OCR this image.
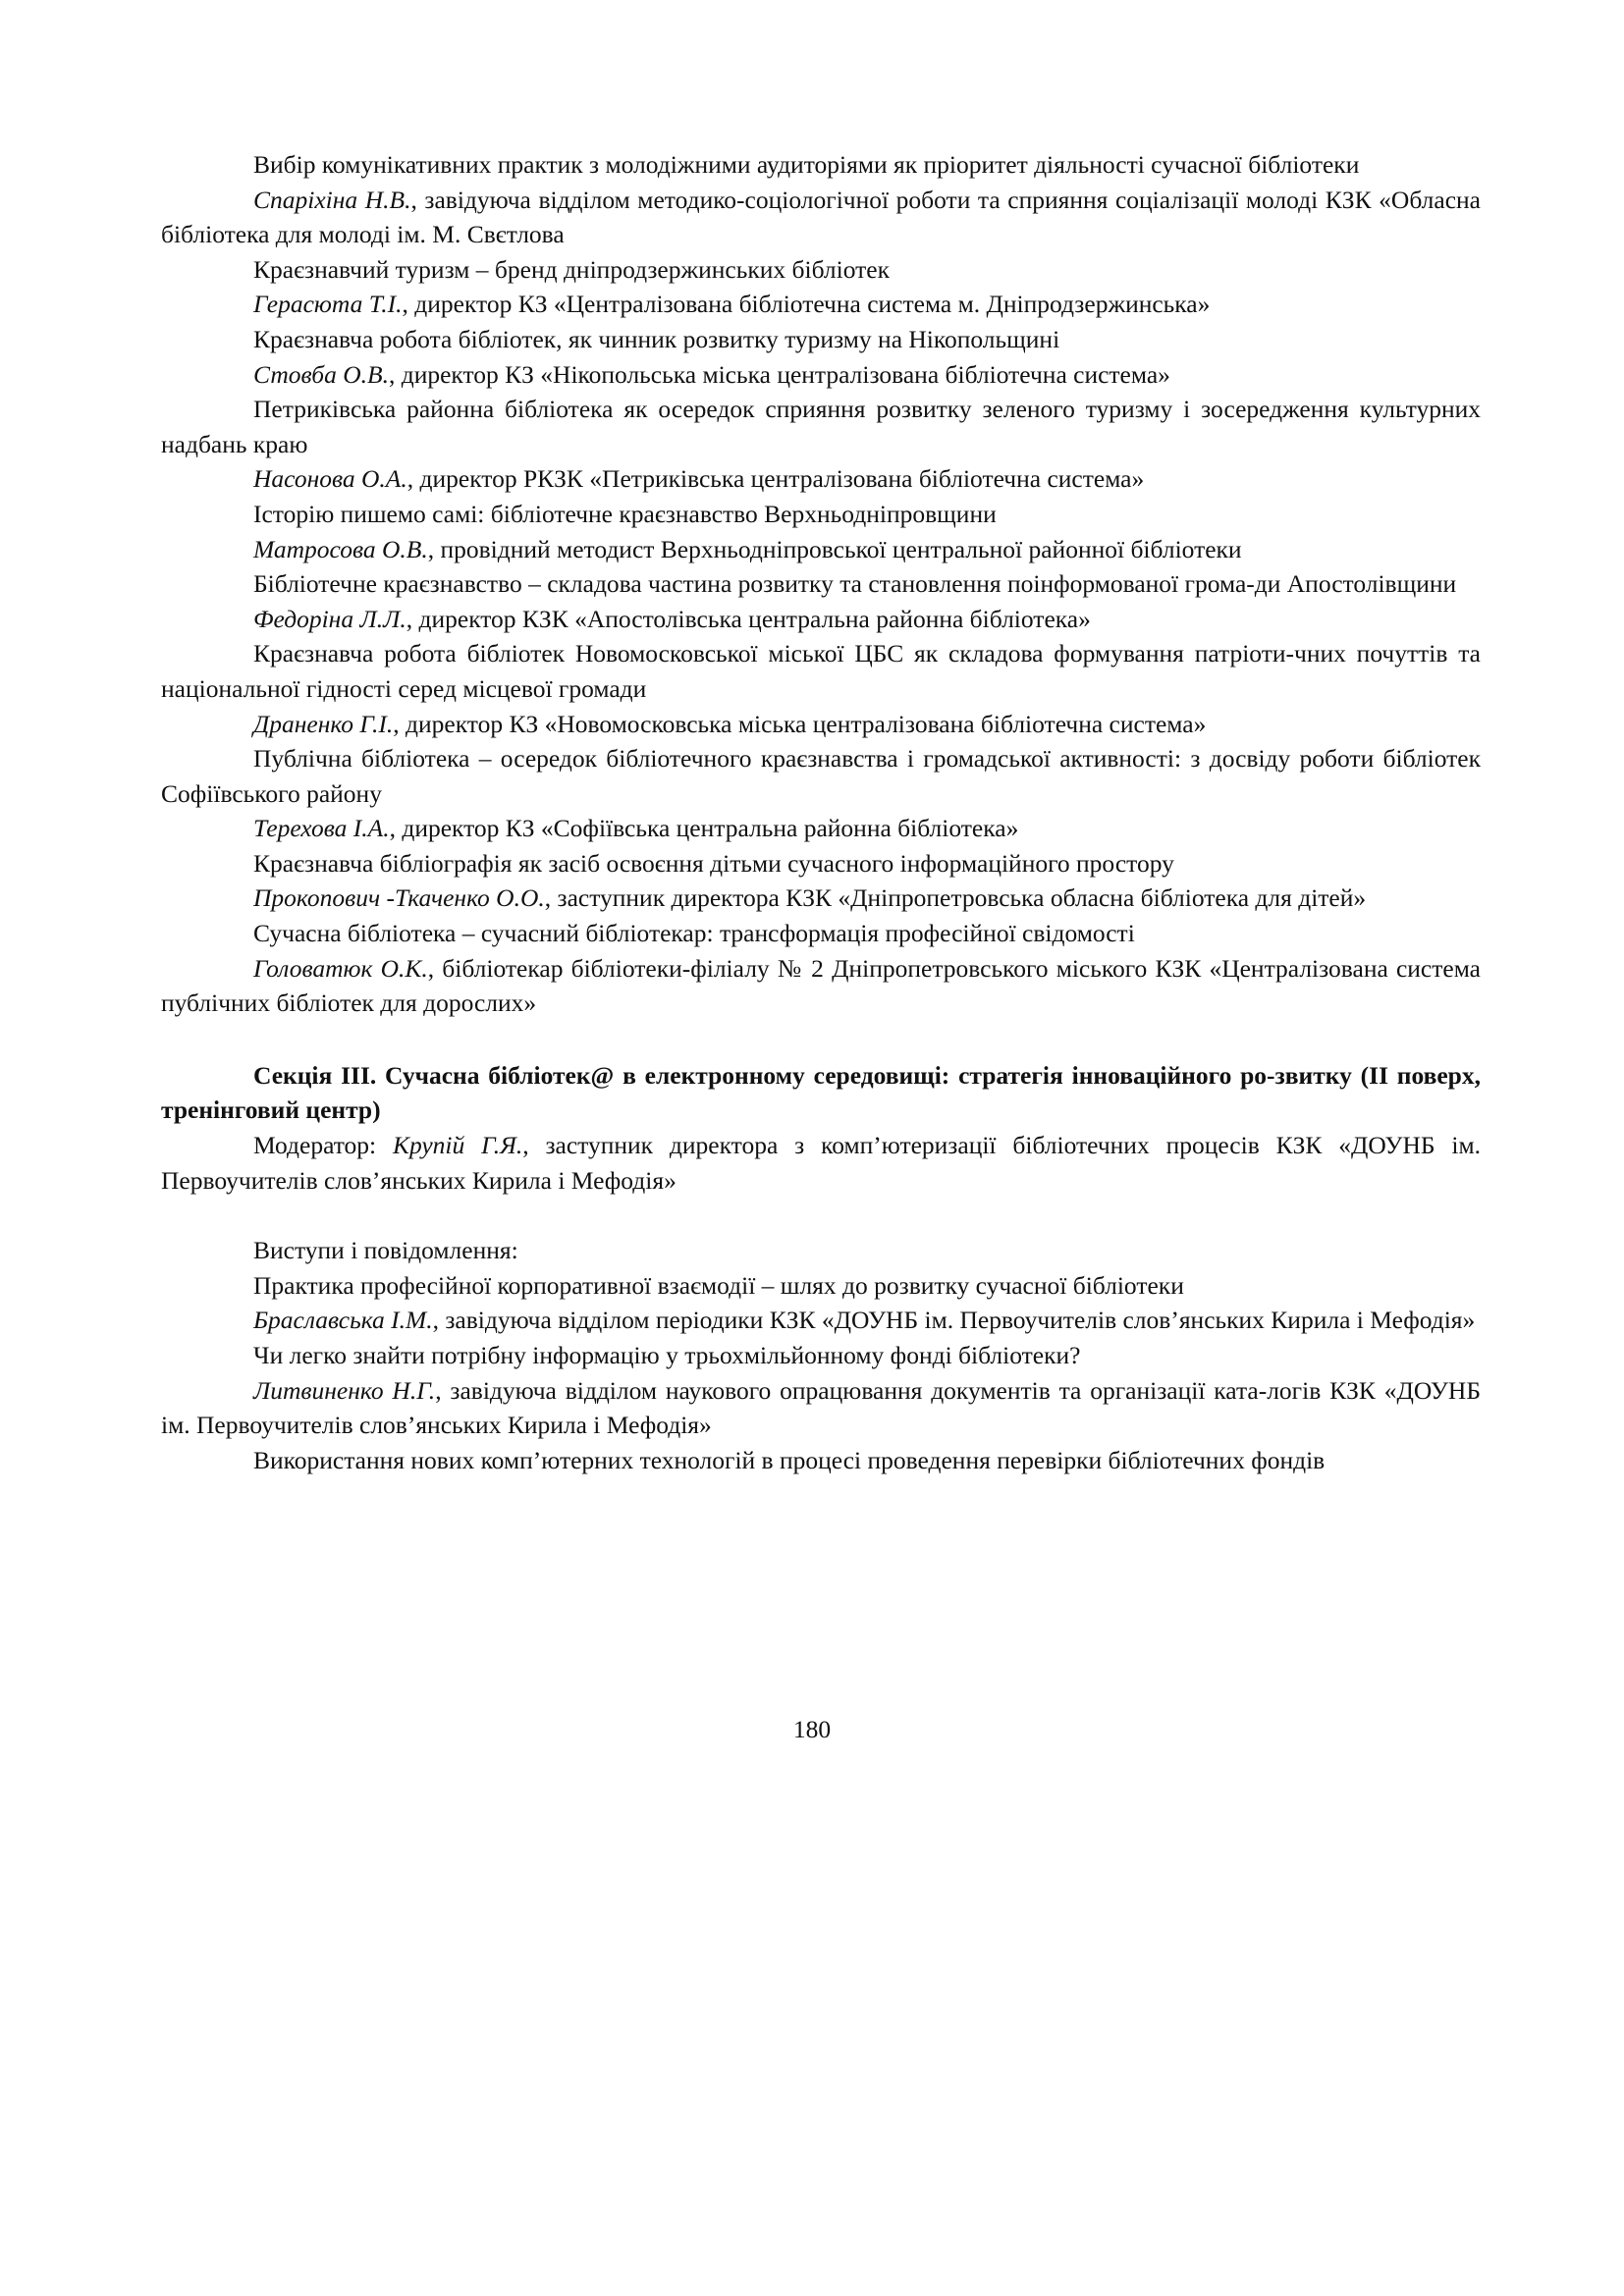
Вибір комунікативних практик з молодіжними аудиторіями як пріоритет діяльності сучасної бібліотеки

Спаріхіна Н.В., завідуюча відділом методико-соціологічної роботи та сприяння соціалізації молоді КЗК «Обласна бібліотека для молоді ім. М. Свєтлова

Краєзнавчий туризм – бренд дніпродзержинських бібліотек

Герасюта Т.І., директор КЗ «Централізована бібліотечна система м. Дніпродзержинська»

Краєзнавча робота бібліотек, як чинник розвитку туризму на Нікопольщині

Стовба О.В., директор КЗ «Нікопольська міська централізована бібліотечна система»

Петриківська районна бібліотека як осередок сприяння розвитку зеленого туризму і зосередження культурних надбань краю

Насонова О.А., директор РКЗК «Петриківська централізована бібліотечна система»

Історію пишемо самі: бібліотечне краєзнавство Верхньодніпровщини

Матросова О.В., провідний методист Верхньодніпровської центральної районної бібліотеки

Бібліотечне краєзнавство – складова частина розвитку та становлення поінформованої грома-ди Апостолівщини

Федоріна Л.Л., директор КЗК «Апостолівська центральна районна бібліотека»

Краєзнавча робота бібліотек Новомосковської міської ЦБС як складова формування патріоти-чних почуттів та національної гідності серед місцевої громади

Драненко Г.І., директор КЗ «Новомосковська міська централізована бібліотечна система»

Публічна бібліотека – осередок бібліотечного краєзнавства і громадської активності: з досвіду роботи бібліотек Софіївського району

Терехова І.А., директор КЗ «Софіївська центральна районна бібліотека»

Краєзнавча бібліографія як засіб освоєння дітьми сучасного інформаційного простору

Прокопович -Ткаченко О.О., заступник директора КЗК «Дніпропетровська обласна бібліотека для дітей»

Сучасна бібліотека – сучасний бібліотекар: трансформація професійної свідомості

Головатюк О.К., бібліотекар бібліотеки-філіалу № 2 Дніпропетровського міського КЗК «Централізована система публічних бібліотек для дорослих»

Секція ІІІ. Сучасна бібліотек@ в електронному середовищі: стратегія інноваційного ро-звитку (ІІ поверх, тренінговий центр)

Модератор: Крупій Г.Я., заступник директора з комп’ютеризації бібліотечних процесів КЗК «ДОУНБ ім. Первоучителів слов’янських Кирила і Мефодія»

Виступи і повідомлення:

Практика професійної корпоративної взаємодії – шлях до розвитку сучасної бібліотеки

Браславська І.М., завідуюча відділом періодики КЗК «ДОУНБ ім. Первоучителів слов’янських Кирила і Мефодія»

Чи легко знайти потрібну інформацію у трьохмільйонному фонді бібліотеки?

Литвиненко Н.Г., завідуюча відділом наукового опрацювання документів та організації ката-логів КЗК «ДОУНБ ім. Первоучителів слов’янських Кирила і Мефодія»

Використання нових комп’ютерних технологій в процесі проведення перевірки бібліотечних фондів

180
